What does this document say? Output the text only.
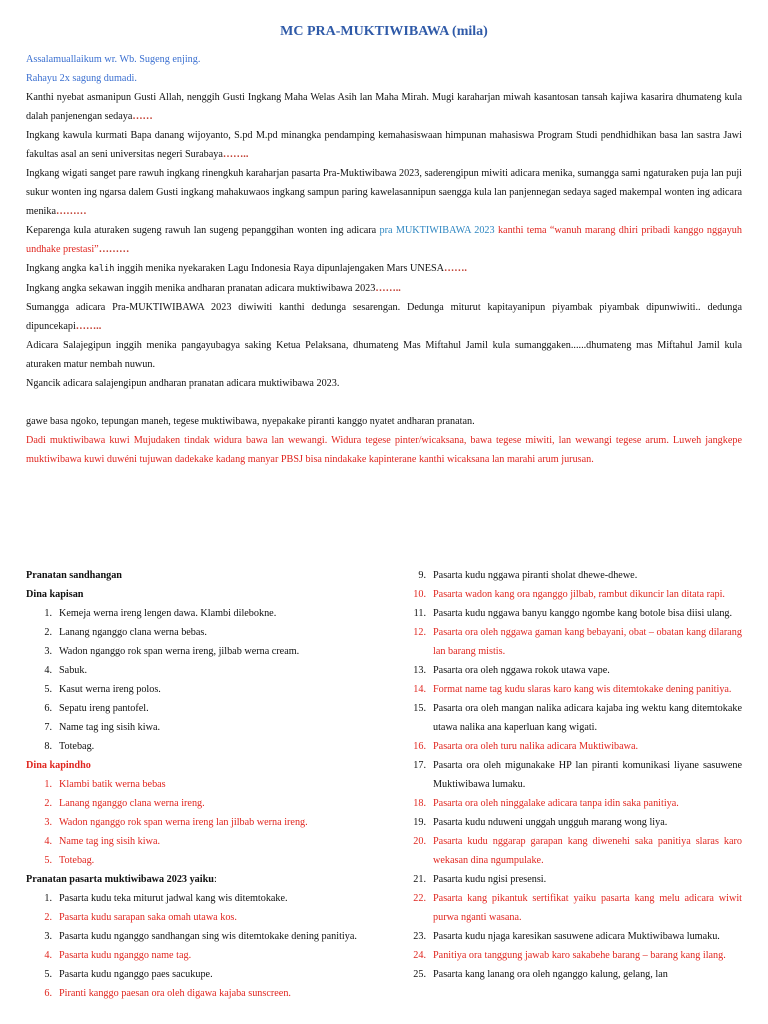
MC PRA-MUKTIWIBAWA (mila)

Assalamuallaikum wr. Wb. Sugeng enjing.

Rahayu 2x sagung dumadi.

Kanthi nyebat asmanipun Gusti Allah, nenggih Gusti Ingkang Maha Welas Asih lan Maha Mirah. Mugi karaharjan miwah kasantosan tansah kajiwa kasarira dhumateng kula dalah panjenengan sedaya……

Ingkang kawula kurmati Bapa danang wijoyanto, S.pd M.pd minangka pendamping kemahasiswaan himpunan mahasiswa Program Studi pendhidhikan basa lan sastra Jawi fakultas asal an seni universitas negeri Surabaya……..

Ingkang wigati sanget pare rawuh ingkang rinengkuh karaharjan pasarta Pra-Muktiwibawa 2023, saderengipun miwiti adicara menika, sumangga sami ngaturaken puja lan puji sukur wonten ing ngarsa dalem Gusti ingkang mahakuwaos ingkang sampun paring kawelasannipun saengga kula lan panjennegan sedaya saged makempal wonten ing adicara menika………

Keparenga kula aturaken sugeng rawuh lan sugeng pepanggihan wonten ing adicara pra MUKTIWIBAWA 2023 kanthi tema “wanuh marang dhiri pribadi kanggo nggayuh undhake prestasi”………

Ingkang angka kalih inggih menika nyekaraken Lagu Indonesia Raya dipunlajengaken Mars UNESA…….

Ingkang angka sekawan inggih menika andharan pranatan adicara muktiwibawa 2023……..

Sumangga adicara Pra-MUKTIWIBAWA 2023 diwiwiti kanthi dedunga sesarengan. Dedunga miturut kapitayanipun piyambak piyambak dipunwiwiti.. dedunga dipuncekapi……..

Adicara Salajegipun inggih menika pangayubagya saking Ketua Pelaksana, dhumateng Mas Miftahul Jamil kula sumanggaken......dhumateng mas Miftahul Jamil kula aturaken matur nembah nuwun.

Ngancik adicara salajengipun andharan pranatan adicara muktiwibawa 2023.

gawe basa ngoko, tepungan maneh, tegese muktiwibawa, nyepakake piranti kanggo nyatet andharan pranatan.

Dadi muktiwibawa kuwi Mujudaken tindak widura bawa lan wewangi. Widura tegese pinter/wicaksana, bawa tegese miwiti, lan wewangi tegese arum. Luweh jangkepe muktiwibawa kuwi duwéni tujuwan dadekake kadang manyar PBSJ bisa nindakake kapinterane kanthi wicaksana lan marahi arum jurusan.

Pranatan sandhangan

Dina kapisan

1. Kemeja werna ireng lengen dawa. Klambi dilebokne.
2. Lanang nganggo clana werna bebas.
3. Wadon nganggo rok span werna ireng, jilbab werna cream.
4. Sabuk.
5. Kasut werna ireng polos.
6. Sepatu ireng pantofel.
7. Name tag ing sisih kiwa.
8. Totebag.

Dina kapindho

1. Klambi batik werna bebas
2. Lanang nganggo clana werna ireng.
3. Wadon nganggo rok span werna ireng lan jilbab werna ireng.
4. Name tag ing sisih kiwa.
5. Totebag.

Pranatan pasarta muktiwibawa 2023 yaiku:

1. Pasarta kudu teka miturut jadwal kang wis ditemtokake.
2. Pasarta kudu sarapan saka omah utawa kos.
3. Pasarta kudu nganggo sandhangan sing wis ditemtokake dening panitiya.
4. Pasarta kudu nganggo name tag.
5. Pasarta kudu nganggo paes sacukupe.
6. Piranti kanggo paesan ora oleh digawa kajaba sunscreen.
9. Pasarta kudu nggawa piranti sholat dhewe-dhewe.
10. Pasarta wadon kang ora nganggo jilbab, rambut dikuncir lan ditata rapi.
11. Pasarta kudu nggawa banyu kanggo ngombe kang botole bisa diisi ulang.
12. Pasarta ora oleh nggawa gaman kang bebayani, obat – obatan kang dilarang lan barang mistis.
13. Pasarta ora oleh nggawa rokok utawa vape.
14. Format name tag kudu slaras karo kang wis ditemtokake dening panitiya.
15. Pasarta ora oleh mangan nalika adicara kajaba ing wektu kang ditemtokake utawa nalika ana kaperluan kang wigati.
16. Pasarta ora oleh turu nalika adicara Muktiwibawa.
17. Pasarta ora oleh migunakake HP lan piranti komunikasi liyane sasuwene Muktiwibawa lumaku.
18. Pasarta ora oleh ninggalake adicara tanpa idin saka panitiya.
19. Pasarta kudu nduweni unggah ungguh marang wong liya.
20. Pasarta kudu nggarap garapan kang diwenehi saka panitiya slaras karo wekasan dina ngumpulake.
21. Pasarta kudu ngisi presensi.
22. Pasarta kang pikantuk sertifikat yaiku pasarta kang melu adicara wiwit purwa nganti wasana.
23. Pasarta kudu njaga karesikan sasuwene adicara Muktiwibawa lumaku.
24. Panitiya ora tanggung jawab karo sakabehe barang – barang kang ilang.
25. Pasarta kang lanang ora oleh nganggo kalung, gelang, lan
